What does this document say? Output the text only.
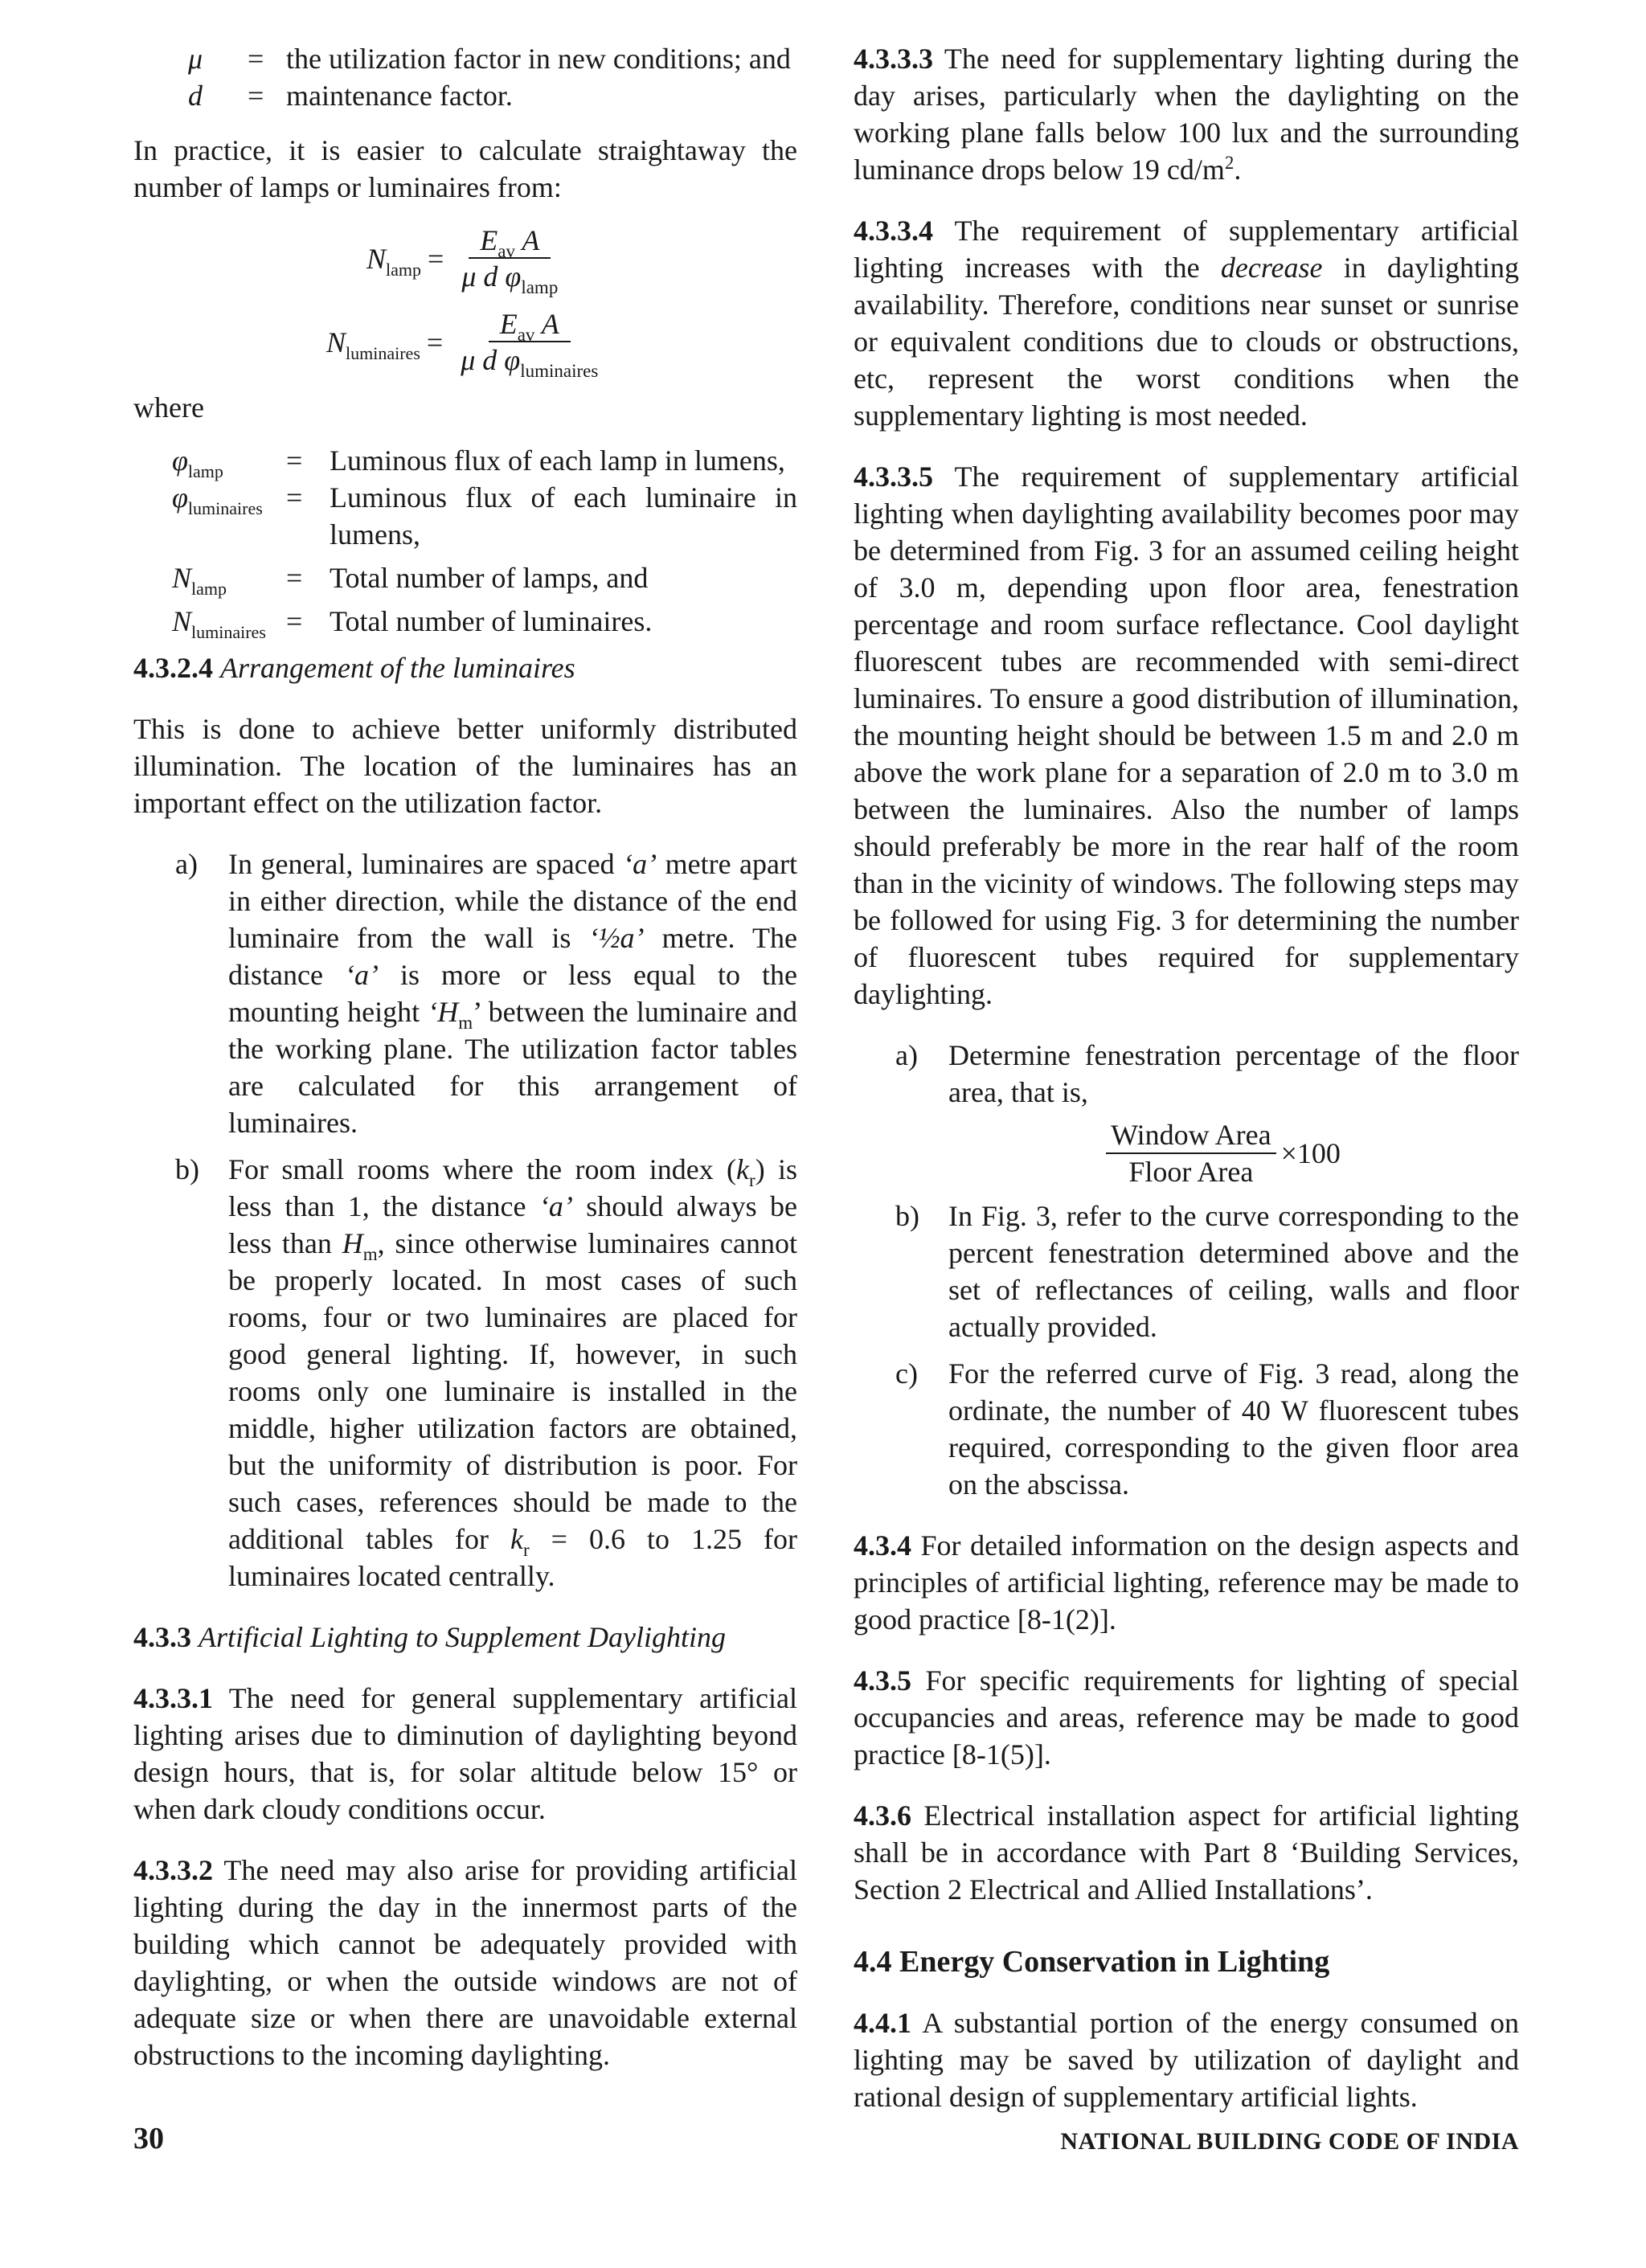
μ	= the utilization factor in new conditions; and
d	= maintenance factor.

In practice, it is easier to calculate straightaway the number of lamps or luminaires from:

$N_{lamp} = \frac{E_{av} A}{\mu d \varphi_{lamp}}$
$N_{luminaires} = \frac{E_{av} A}{\mu d \varphi_{luminaires}}$

where

$\varphi_{lamp}$	= Luminous flux of each lamp in lumens,
$\varphi_{luminaires}$ = Luminous flux of each luminaire in lumens,
$N_{lamp}$	= Total number of lamps, and
$N_{luminaires}$ = Total number of luminaires.

4.3.2.4 Arrangement of the luminaires

This is done to achieve better uniformly distributed illumination. The location of the luminaires has an important effect on the utilization factor.

a)	In general, luminaires are spaced ‘a’ metre apart in either direction, while the distance of the end luminaire from the wall is ‘½a’ metre. The distance ‘a’ is more or less equal to the mounting height ‘$H_m$’ between the luminaire and the working plane. The utilization factor tables are calculated for this arrangement of luminaires.
b)	For small rooms where the room index $(k_r)$ is less than 1, the distance ‘a’ should always be less than $H_m$, since otherwise luminaires cannot be properly located. In most cases of such rooms, four or two luminaires are placed for good general lighting. If, however, in such rooms only one luminaire is installed in the middle, higher utilization factors are obtained, but the uniformity of distribution is poor. For such cases, references should be made to the additional tables for $k_r = 0.6$ to 1.25 for luminaires located centrally.

4.3.3 Artificial Lighting to Supplement Daylighting

4.3.3.1 The need for general supplementary artificial lighting arises due to diminution of daylighting beyond design hours, that is, for solar altitude below 15° or when dark cloudy conditions occur.

4.3.3.2 The need may also arise for providing artificial lighting during the day in the innermost parts of the building which cannot be adequately provided with daylighting, or when the outside windows are not of adequate size or when there are unavoidable external obstructions to the incoming daylighting.

4.3.3.3 The need for supplementary lighting during the day arises, particularly when the daylighting on the working plane falls below 100 lux and the surrounding luminance drops below 19 $cd/m^2$.

4.3.3.4 The requirement of supplementary artificial lighting increases with the decrease in daylighting availability. Therefore, conditions near sunset or sunrise or equivalent conditions due to clouds or obstructions, etc, represent the worst conditions when the supplementary lighting is most needed.

4.3.3.5 The requirement of supplementary artificial lighting when daylighting availability becomes poor may be determined from Fig. 3 for an assumed ceiling height of 3.0 m, depending upon floor area, fenestration percentage and room surface reflectance. Cool daylight fluorescent tubes are recommended with semi-direct luminaires. To ensure a good distribution of illumination, the mounting height should be between 1.5 m and 2.0 m above the work plane for a separation of 2.0 m to 3.0 m between the luminaires. Also the number of lamps should preferably be more in the rear half of the room than in the vicinity of windows. The following steps may be followed for using Fig. 3 for determining the number of fluorescent tubes required for supplementary daylighting.

a)	Determine fenestration percentage of the floor area, that is,
Window Area
Floor Area
×100
b)	In Fig. 3, refer to the curve corresponding to the percent fenestration determined above and the set of reflectances of ceiling, walls and floor actually provided.
c)	For the referred curve of Fig. 3 read, along the ordinate, the number of 40 W fluorescent tubes required, corresponding to the given floor area on the abscissa.

4.3.4 For detailed information on the design aspects and principles of artificial lighting, reference may be made to good practice [8-1(2)].

4.3.5 For specific requirements for lighting of special occupancies and areas, reference may be made to good practice [8-1(5)].

4.3.6 Electrical installation aspect for artificial lighting shall be in accordance with Part 8 ‘Building Services, Section 2 Electrical and Allied Installations’.

4.4 Energy Conservation in Lighting

4.4.1 A substantial portion of the energy consumed on lighting may be saved by utilization of daylight and rational design of supplementary artificial lights.

30	NATIONAL BUILDING CODE OF INDIA
